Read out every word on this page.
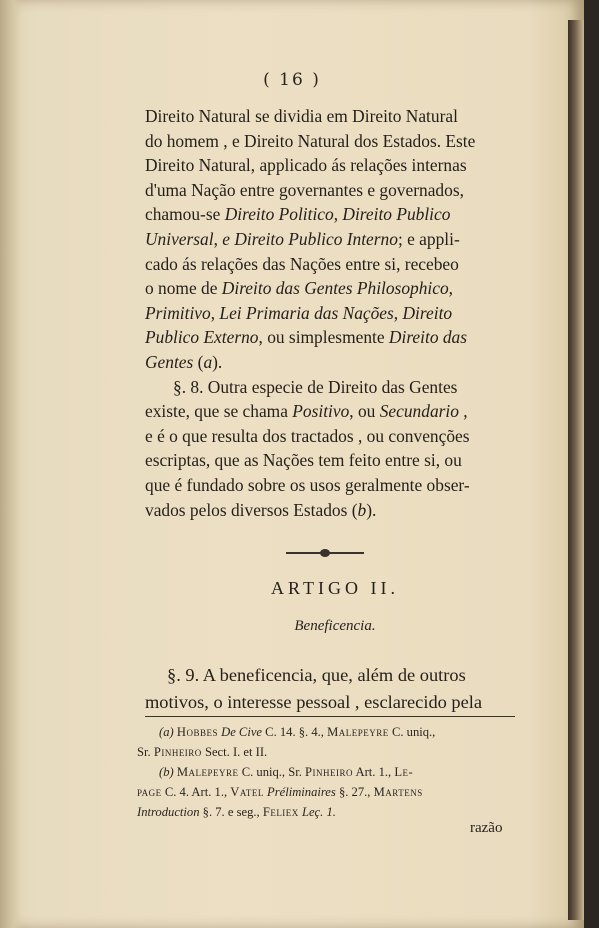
( 16 )

Direito Natural se dividia em Direito Natural

do homem , e Direito Natural dos Estados. Este

Direito Natural, applicado ás relações internas

d'uma Nação entre governantes e governados,

chamou-se Direito Politico, Direito Publico

Universal, e Direito Publico Interno; e appli-

cado ás relações das Nações entre si, recebeo

o nome de Direito das Gentes Philosophico,

Primitivo, Lei Primaria das Nações, Direito

Publico Externo, ou simplesmente Direito das

Gentes (a).

§. 8. Outra especie de Direito das Gentes

existe, que se chama Positivo, ou Secundario ,

e é o que resulta dos tractados , ou convenções

escriptas, que as Nações tem feito entre si, ou

que é fundado sobre os usos geralmente obser-

vados pelos diversos Estados (b).

ARTIGO II.
Beneficencia.

§. 9. A beneficencia, que, além de outros

motivos, o interesse pessoal , esclarecido pela

(a) Hobbes De Cive C. 14. §. 4., Malepeyre C. uniq.,
Sr. Pinheiro Sect. I. et II.

(b) Malepeyre C. uniq., Sr. Pinheiro Art. 1., Le-
page C. 4. Art. 1., Vatel Préliminaires §. 27., Martens
Introduction §. 7. e seg., Feliex Leç. 1.

razão
